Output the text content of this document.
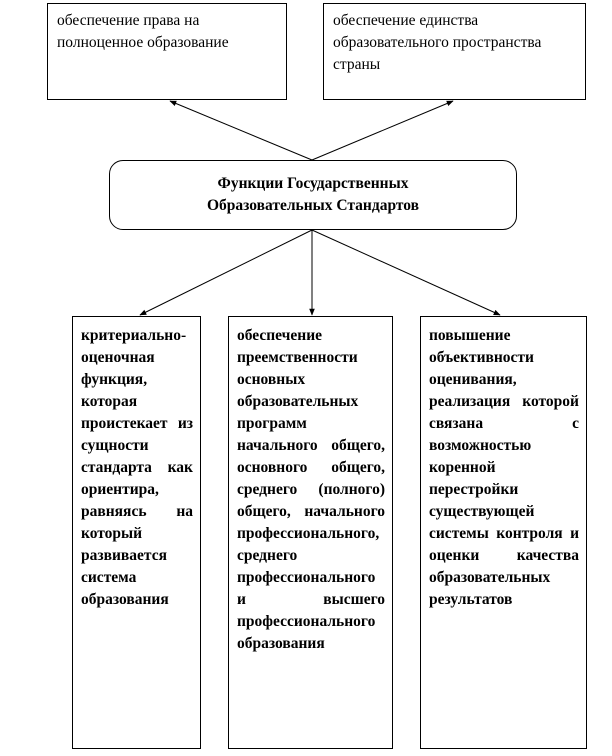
обеспечение права на полноценное образование
обеспечение единства образовательного пространства страны
Функции Государственных
Образовательных Стандартов
критериально-оценочная функция, которая проистекает из сущности стандарта как ориентира, равняясь на который развивается система образования
обеспечение преемственности основных образовательных программ начального общего, основного общего, среднего (полного) общего, начального профессионального, среднего профессионального и высшего профессионального образования
повышение объективности оценивания, реализация которой связана с возможностью коренной перестройки существующей системы контроля и оценки качества образовательных результатов
